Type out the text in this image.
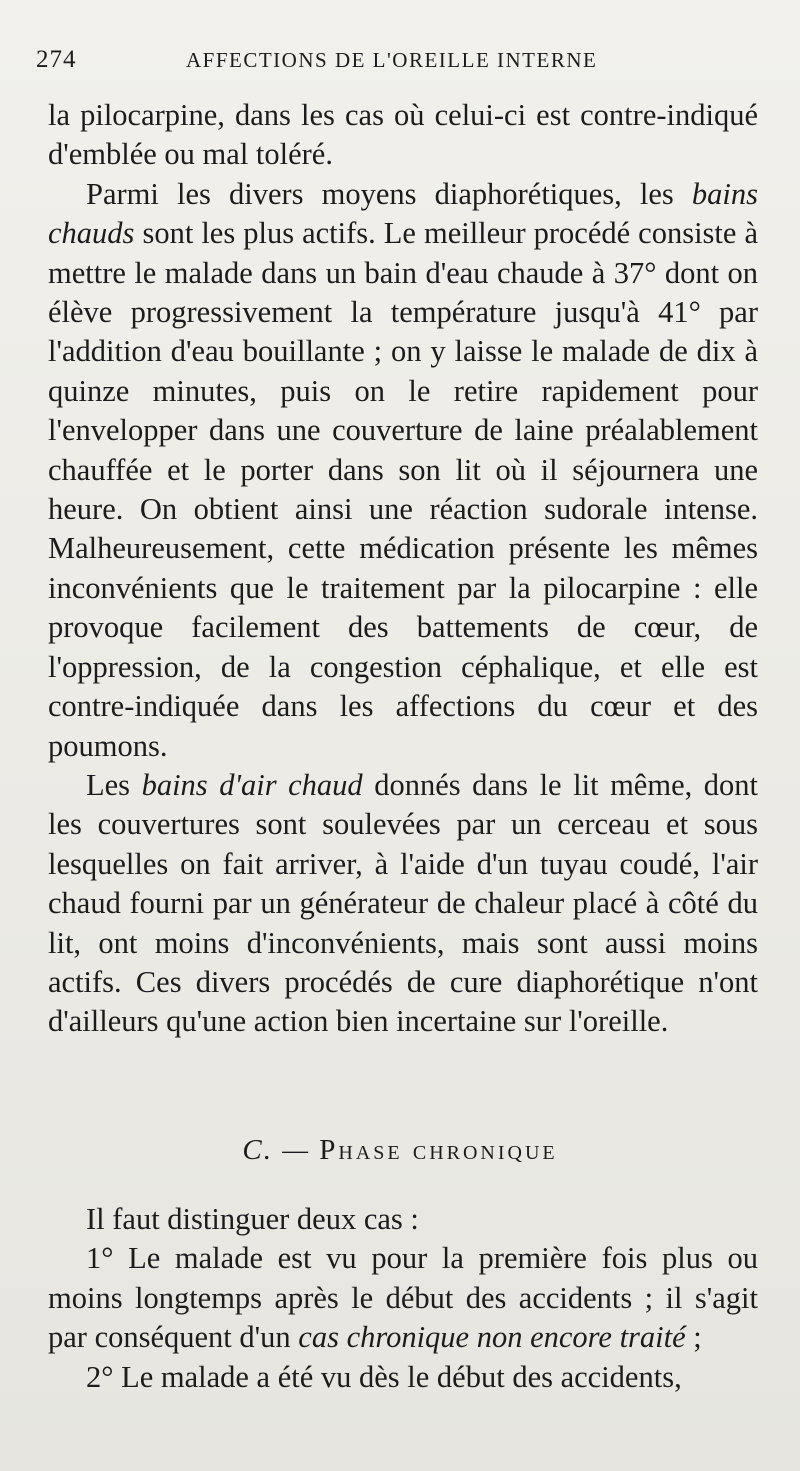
274	AFFECTIONS DE L'OREILLE INTERNE

la pilocarpine, dans les cas où celui-ci est contre-indiqué d'emblée ou mal toléré.

Parmi les divers moyens diaphorétiques, les bains chauds sont les plus actifs. Le meilleur procédé consiste à mettre le malade dans un bain d'eau chaude à 37° dont on élève progressivement la température jusqu'à 41° par l'addition d'eau bouillante ; on y laisse le malade de dix à quinze minutes, puis on le retire rapidement pour l'envelopper dans une couverture de laine préalablement chauffée et le porter dans son lit où il séjournera une heure. On obtient ainsi une réaction sudorale intense. Malheureusement, cette médication présente les mêmes inconvénients que le traitement par la pilocarpine : elle provoque facilement des battements de cœur, de l'oppression, de la congestion céphalique, et elle est contre-indiquée dans les affections du cœur et des poumons.

Les bains d'air chaud donnés dans le lit même, dont les couvertures sont soulevées par un cerceau et sous lesquelles on fait arriver, à l'aide d'un tuyau coudé, l'air chaud fourni par un générateur de chaleur placé à côté du lit, ont moins d'inconvénients, mais sont aussi moins actifs. Ces divers procédés de cure diaphorétique n'ont d'ailleurs qu'une action bien incertaine sur l'oreille.

C. — Phase chronique

Il faut distinguer deux cas :

1° Le malade est vu pour la première fois plus ou moins longtemps après le début des accidents ; il s'agit par conséquent d'un cas chronique non encore traité ;

2° Le malade a été vu dès le début des accidents,
